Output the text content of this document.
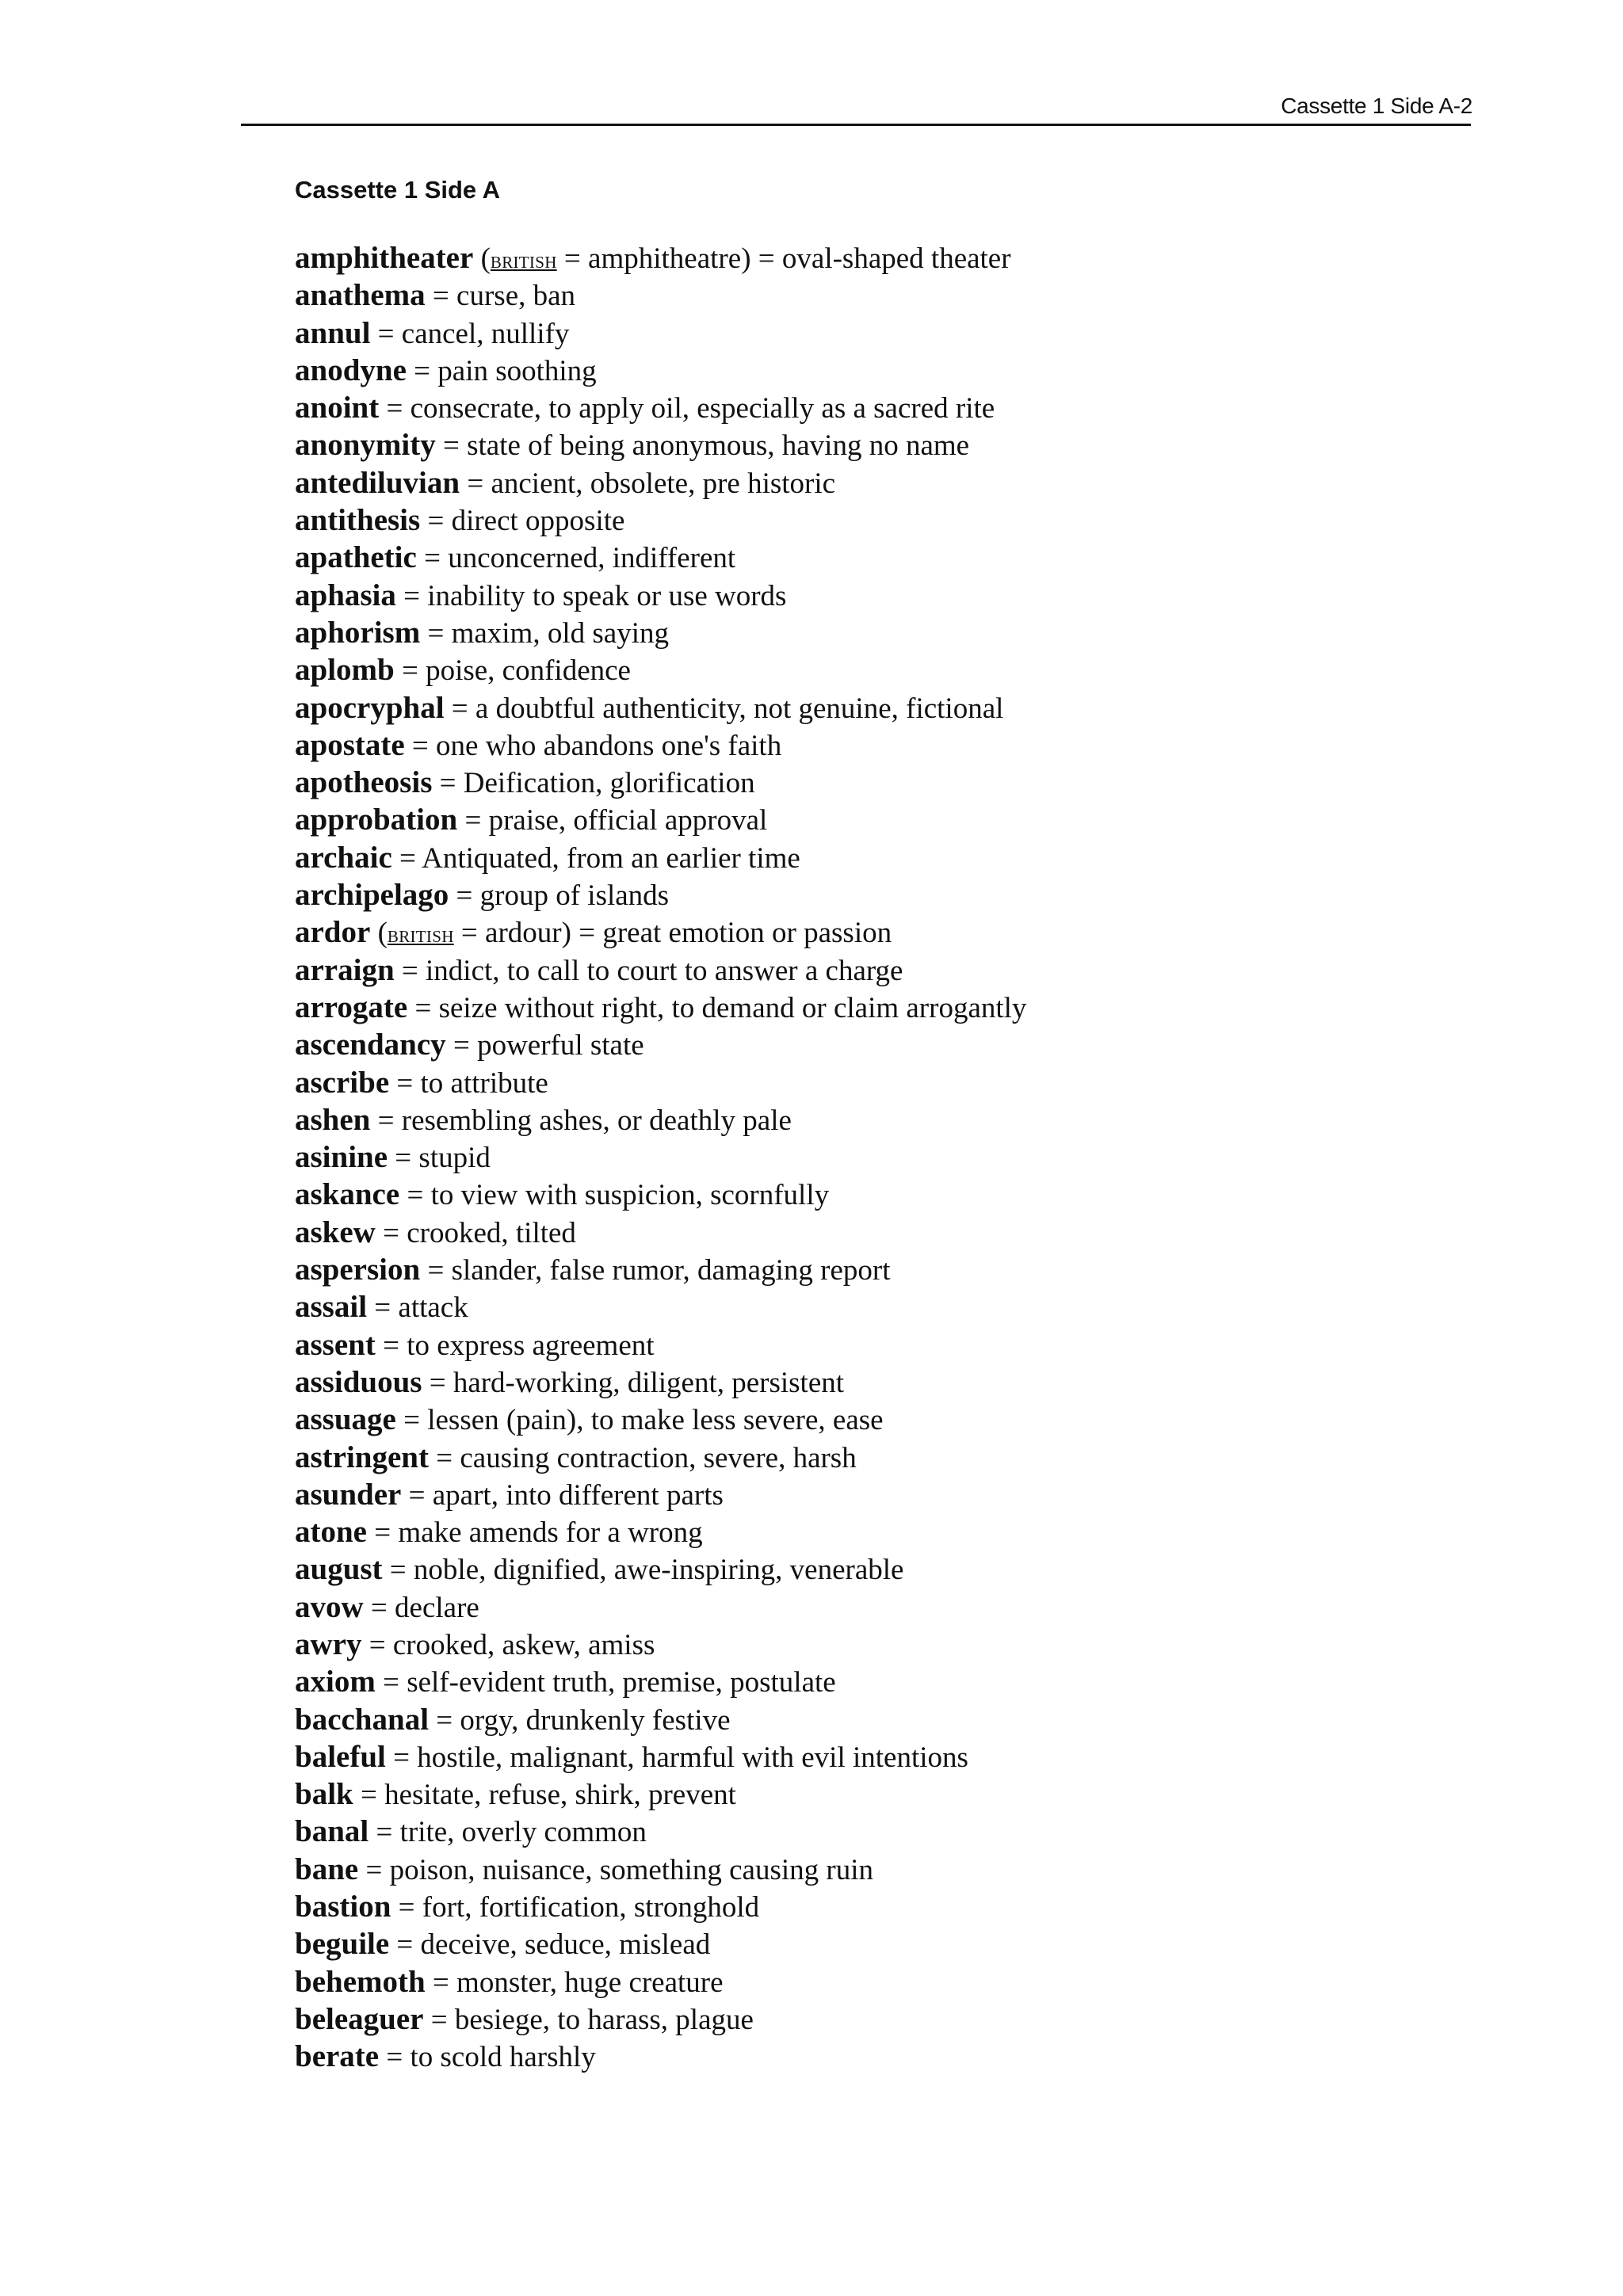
Cassette 1 Side A-2
Cassette 1 Side A
amphitheater (BRITISH = amphitheatre) = oval-shaped theater
anathema = curse, ban
annul = cancel, nullify
anodyne = pain soothing
anoint = consecrate, to apply oil, especially as a sacred rite
anonymity = state of being anonymous, having no name
antediluvian = ancient, obsolete, pre historic
antithesis = direct opposite
apathetic = unconcerned, indifferent
aphasia = inability to speak or use words
aphorism = maxim, old saying
aplomb = poise, confidence
apocryphal = a doubtful authenticity, not genuine, fictional
apostate = one who abandons one's faith
apotheosis = Deification, glorification
approbation = praise, official approval
archaic = Antiquated, from an earlier time
archipelago = group of islands
ardor (BRITISH = ardour) = great emotion or passion
arraign = indict, to call to court to answer a charge
arrogate = seize without right, to demand or claim arrogantly
ascendancy = powerful state
ascribe = to attribute
ashen = resembling ashes, or deathly pale
asinine = stupid
askance = to view with suspicion, scornfully
askew = crooked, tilted
aspersion = slander, false rumor, damaging report
assail = attack
assent = to express agreement
assiduous = hard-working, diligent, persistent
assuage = lessen (pain), to make less severe, ease
astringent = causing contraction, severe, harsh
asunder = apart, into different parts
atone = make amends for a wrong
august = noble, dignified, awe-inspiring, venerable
avow = declare
awry = crooked, askew, amiss
axiom = self-evident truth, premise, postulate
bacchanal = orgy, drunkenly festive
baleful = hostile, malignant, harmful with evil intentions
balk = hesitate, refuse, shirk, prevent
banal = trite, overly common
bane = poison, nuisance, something causing ruin
bastion = fort, fortification, stronghold
beguile = deceive, seduce, mislead
behemoth = monster, huge creature
beleaguer = besiege, to harass, plague
berate = to scold harshly
